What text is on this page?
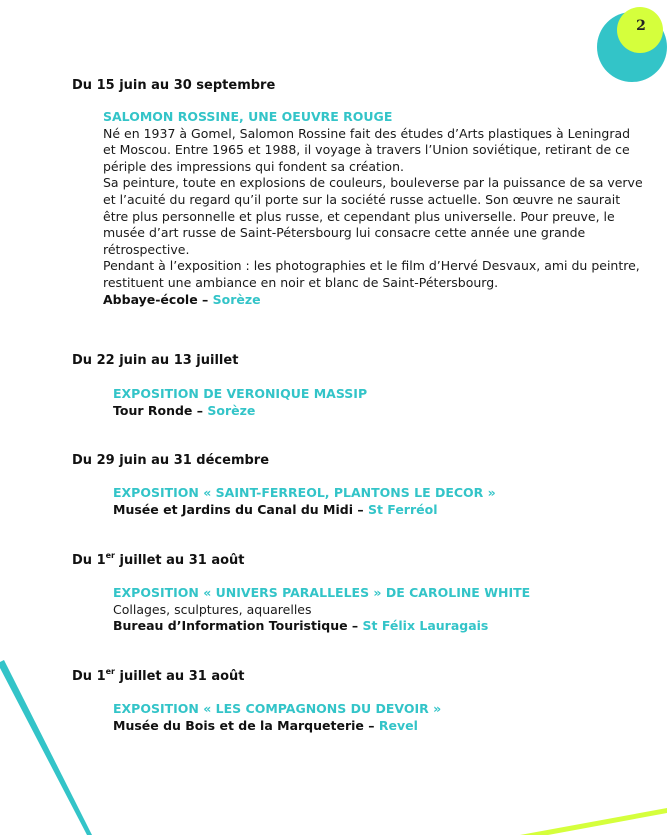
2
Du 15 juin au 30 septembre
SALOMON ROSSINE, UNE OEUVRE ROUGE
Né en 1937 à Gomel, Salomon Rossine fait des études d’Arts plastiques à Leningrad
et Moscou. Entre 1965 et 1988, il voyage à travers l’Union soviétique, retirant de ce
périple des impressions qui fondent sa création.
Sa peinture, toute en explosions de couleurs, bouleverse par la puissance de sa verve
et l’acuité du regard qu’il porte sur la société russe actuelle. Son œuvre ne saurait
être plus personnelle et plus russe, et cependant plus universelle. Pour preuve, le
musée d’art russe de Saint-Pétersbourg lui consacre cette année une grande
rétrospective.
Pendant à l’exposition : les photographies et le film d’Hervé Desvaux, ami du peintre,
restituent une ambiance en noir et blanc de Saint-Pétersbourg.
Abbaye-école – Sorèze
Du 22 juin au 13 juillet
EXPOSITION DE VERONIQUE MASSIP
Tour Ronde – Sorèze
Du 29 juin au 31 décembre
EXPOSITION « SAINT-FERREOL, PLANTONS LE DECOR »
Musée et Jardins du Canal du Midi – St Ferréol
Du 1er juillet au 31 août
EXPOSITION « UNIVERS PARALLELES » DE CAROLINE WHITE
Collages, sculptures, aquarelles
Bureau d’Information Touristique – St Félix Lauragais
Du 1er juillet au 31 août
EXPOSITION « LES COMPAGNONS DU DEVOIR »
Musée du Bois et de la Marqueterie – Revel
